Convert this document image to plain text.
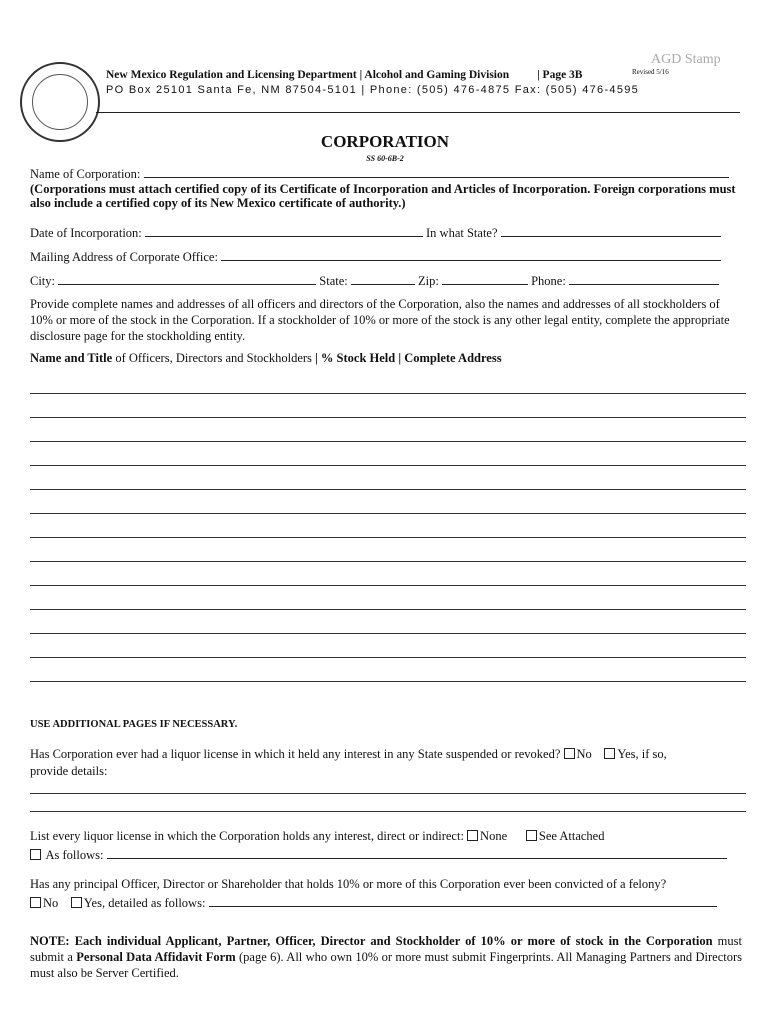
AGD Stamp
New Mexico Regulation and Licensing Department | Alcohol and Gaming Division | Page 3B	Revised 5/16
PO Box 25101 Santa Fe, NM 87504-5101 | Phone: (505) 476-4875 Fax: (505) 476-4595
CORPORATION
SS 60-6B-2
Name of Corporation:
(Corporations must attach certified copy of its Certificate of Incorporation and Articles of Incorporation. Foreign corporations must also include a certified copy of its New Mexico certificate of authority.)
Date of Incorporation:	In what State?
Mailing Address of Corporate Office:
City:	State:	Zip:	Phone:
Provide complete names and addresses of all officers and directors of the Corporation, also the names and addresses of all stockholders of 10% or more of the stock in the Corporation. If a stockholder of 10% or more of the stock is any other legal entity, complete the appropriate disclosure page for the stockholding entity.
Name and Title of Officers, Directors and Stockholders | % Stock Held | Complete Address
USE ADDITIONAL PAGES IF NECESSARY.
Has Corporation ever had a liquor license in which it held any interest in any State suspended or revoked? No Yes, if so,
provide details:
List every liquor license in which the Corporation holds any interest, direct or indirect: None	See Attached
As follows:
Has any principal Officer, Director or Shareholder that holds 10% or more of this Corporation ever been convicted of a felony?
No Yes, detailed as follows:
NOTE: Each individual Applicant, Partner, Officer, Director and Stockholder of 10% or more of stock in the Corporation must submit a Personal Data Affidavit Form (page 6). All who own 10% or more must submit Fingerprints. All Managing Partners and Directors must also be Server Certified.
